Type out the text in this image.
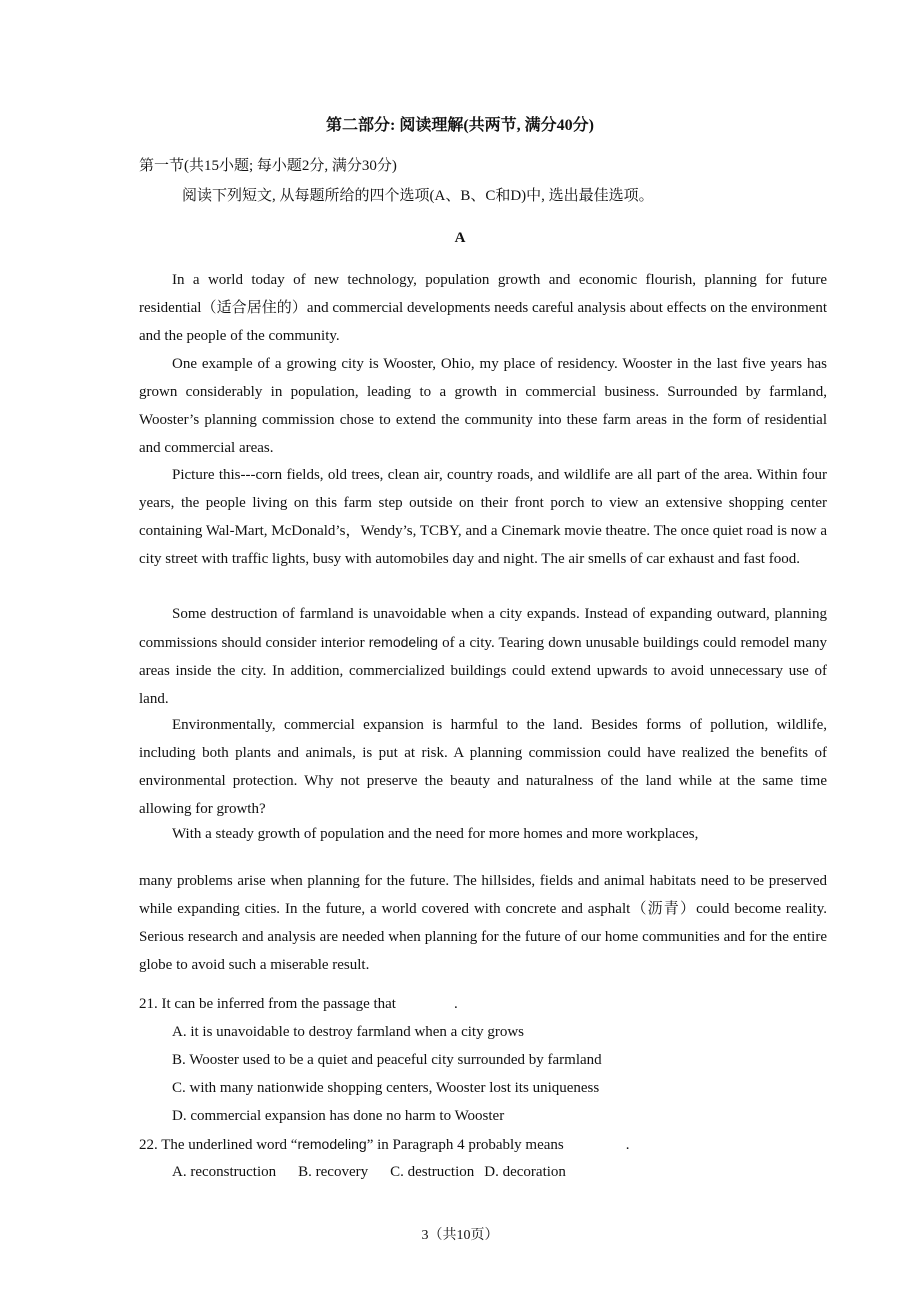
第二部分: 阅读理解(共两节, 满分40分)
第一节(共15小题; 每小题2分, 满分30分)
阅读下列短文, 从每题所给的四个选项(A、B、C和D)中, 选出最佳选项。
A
In a world today of new technology, population growth and economic flourish, planning for future residential（适合居住的）and commercial developments needs careful analysis about effects on the environment and the people of the community.
One example of a growing city is Wooster, Ohio, my place of residency. Wooster in the last five years has grown considerably in population, leading to a growth in commercial business. Surrounded by farmland, Wooster’s planning commission chose to extend the community into these farm areas in the form of residential and commercial areas.
Picture this---corn fields, old trees, clean air, country roads, and wildlife are all part of the area. Within four years, the people living on this farm step outside on their front porch to view an extensive shopping center containing Wal-Mart, McDonald’s，Wendy’s, TCBY, and a Cinemark movie theatre. The once quiet road is now a city street with traffic lights, busy with automobiles day and night. The air smells of car exhaust and fast food.
Some destruction of farmland is unavoidable when a city expands. Instead of expanding outward, planning commissions should consider interior remodeling of a city. Tearing down unusable buildings could remodel many areas inside the city. In addition, commercialized buildings could extend upwards to avoid unnecessary use of land.
Environmentally, commercial expansion is harmful to the land. Besides forms of pollution, wildlife, including both plants and animals, is put at risk. A planning commission could have realized the benefits of environmental protection. Why not preserve the beauty and naturalness of the land while at the same time allowing for growth?
With a steady growth of population and the need for more homes and more workplaces,
many problems arise when planning for the future. The hillsides, fields and animal habitats need to be preserved while expanding cities. In the future, a world covered with concrete and asphalt（沥青）could become reality. Serious research and analysis are needed when planning for the future of our home communities and for the entire globe to avoid such a miserable result.
21. It can be inferred from the passage that	.
A. it is unavoidable to destroy farmland when a city grows
B. Wooster used to be a quiet and peaceful city surrounded by farmland
C. with many nationwide shopping centers, Wooster lost its uniqueness
D. commercial expansion has done no harm to Wooster
22. The underlined word “remodeling” in Paragraph 4 probably means	.
A. reconstruction B. recovery C. destruction D. decoration
3（共10页）
